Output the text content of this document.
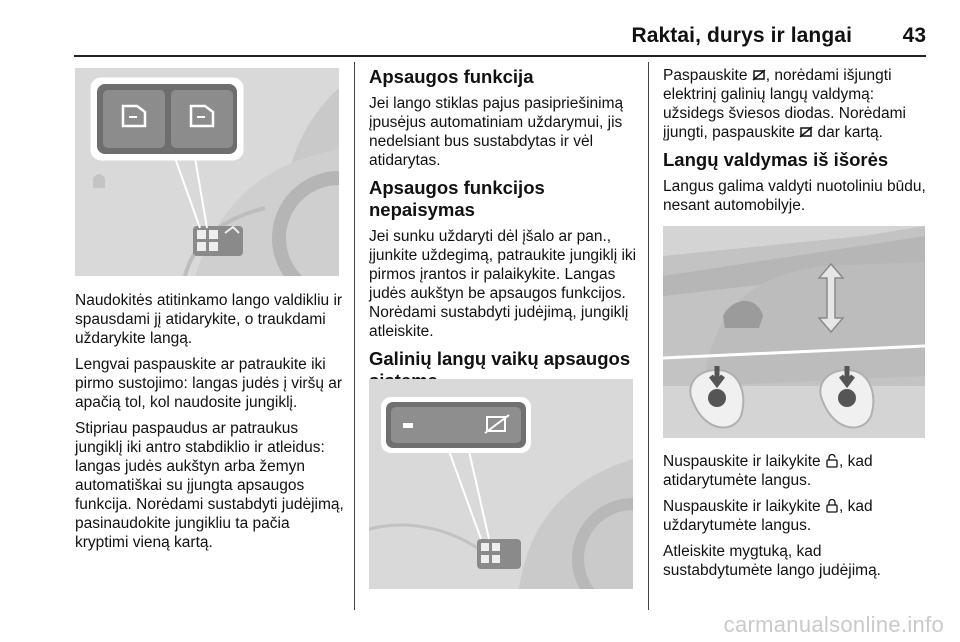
Raktai, durys ir langai 43

Naudokitės atitinkamo lango valdikliu ir spausdami jį atidarykite, o traukdami uždarykite langą.

Lengvai paspauskite ar patraukite iki pirmo sustojimo: langas judės į viršų ar apačią tol, kol naudosite jungiklį.

Stipriau paspaudus ar patraukus jungiklį iki antro stabdiklio ir atleidus: langas judės aukštyn arba žemyn automatiškai su įjungta apsaugos funkcija. Norėdami sustabdyti judėjimą, pasinaudokite jungikliu ta pačia kryptimi vieną kartą.

Apsaugos funkcija

Jei lango stiklas pajus pasipriešinimą įpusėjus automatiniam uždarymui, jis nedelsiant bus sustabdytas ir vėl atidarytas.

Apsaugos funkcijos nepaisymas

Jei sunku uždaryti dėl įšalo ar pan., įjunkite uždegimą, patraukite jungiklį iki pirmos įrantos ir palaikykite. Langas judės aukštyn be apsaugos funkcijos. Norėdami sustabdyti judėjimą, jungiklį atleiskite.

Galinių langų vaikų apsaugos

Paspauskite , norėdami išjungti elektrinį galinių langų valdymą: užsidegs šviesos diodas. Norėdami įjungti, paspauskite dar kartą.

Langų valdymas iš išorės

Langus galima valdyti nuotoliniu būdu, nesant automobilyje.

Nuspauskite ir laikykite , kad atidarytumėte langus.

Nuspauskite ir laikykite , kad uždarytumėte langus.

Atleiskite mygtuką, kad sustabdytumėte lango judėjimą.

carmanualsonline.info
